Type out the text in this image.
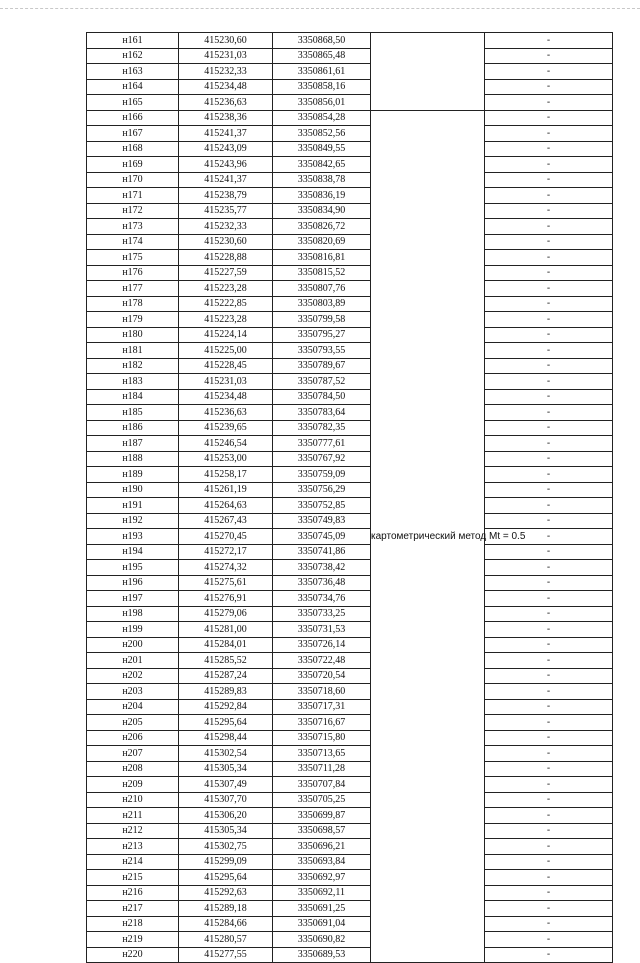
н161	415230,60	3350868,50		-
н162	415231,03	3350865,48		-
н163	415232,33	3350861,61		-
н164	415234,48	3350858,16		-
н165	415236,63	3350856,01		-
н166	415238,36	3350854,28	картометрический метод Mt = 0.5	-
н167	415241,37	3350852,56		-
н168	415243,09	3350849,55		-
н169	415243,96	3350842,65		-
н170	415241,37	3350838,78		-
н171	415238,79	3350836,19		-
н172	415235,77	3350834,90		-
н173	415232,33	3350826,72		-
н174	415230,60	3350820,69		-
н175	415228,88	3350816,81		-
н176	415227,59	3350815,52		-
н177	415223,28	3350807,76		-
н178	415222,85	3350803,89		-
н179	415223,28	3350799,58		-
н180	415224,14	3350795,27		-
н181	415225,00	3350793,55		-
н182	415228,45	3350789,67		-
н183	415231,03	3350787,52		-
н184	415234,48	3350784,50		-
н185	415236,63	3350783,64		-
н186	415239,65	3350782,35		-
н187	415246,54	3350777,61		-
н188	415253,00	3350767,92		-
н189	415258,17	3350759,09		-
н190	415261,19	3350756,29		-
н191	415264,63	3350752,85		-
н192	415267,43	3350749,83		-
н193	415270,45	3350745,09		-
н194	415272,17	3350741,86		-
н195	415274,32	3350738,42		-
н196	415275,61	3350736,48		-
н197	415276,91	3350734,76		-
н198	415279,06	3350733,25		-
н199	415281,00	3350731,53		-
н200	415284,01	3350726,14		-
н201	415285,52	3350722,48		-
н202	415287,24	3350720,54		-
н203	415289,83	3350718,60		-
н204	415292,84	3350717,31		-
н205	415295,64	3350716,67		-
н206	415298,44	3350715,80		-
н207	415302,54	3350713,65		-
н208	415305,34	3350711,28		-
н209	415307,49	3350707,84		-
н210	415307,70	3350705,25		-
н211	415306,20	3350699,87		-
н212	415305,34	3350698,57		-
н213	415302,75	3350696,21		-
н214	415299,09	3350693,84		-
н215	415295,64	3350692,97		-
н216	415292,63	3350692,11		-
н217	415289,18	3350691,25		-
н218	415284,66	3350691,04		-
н219	415280,57	3350690,82		-
н220	415277,55	3350689,53		-
